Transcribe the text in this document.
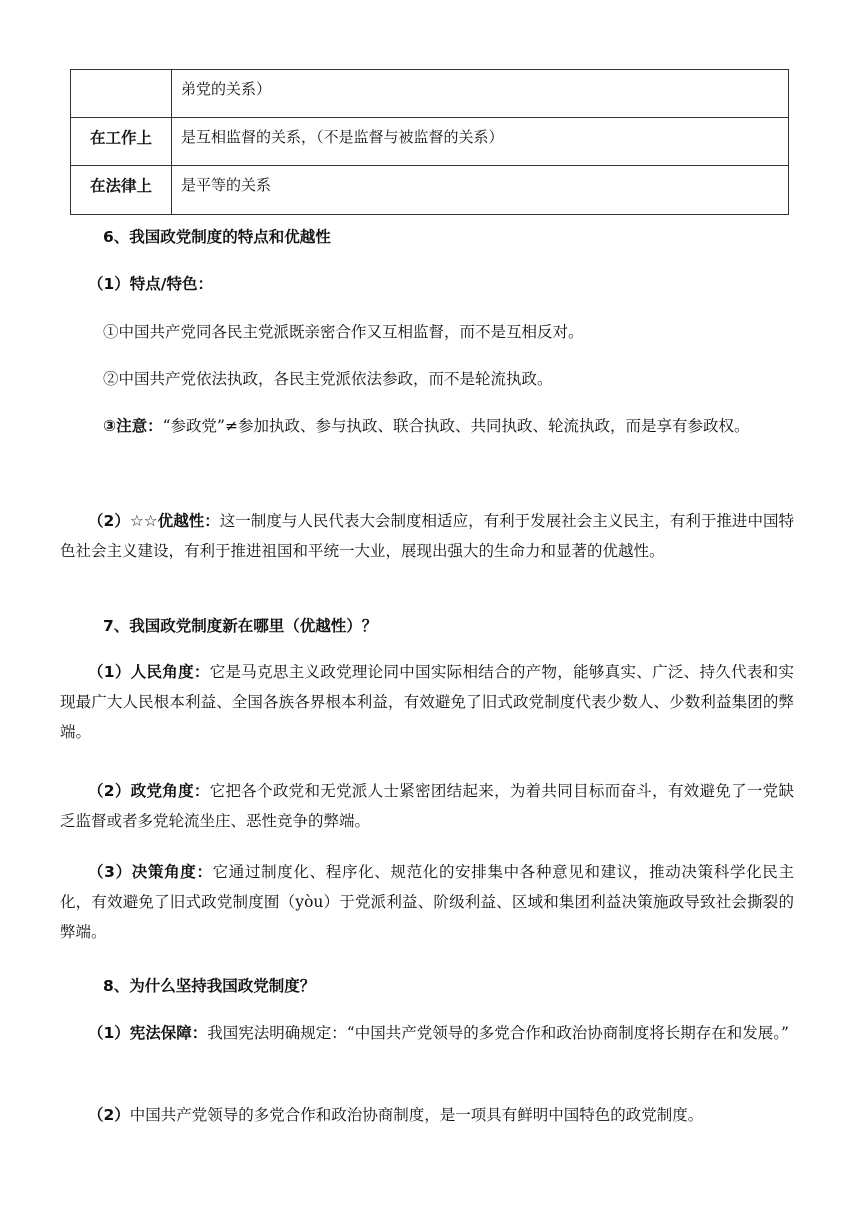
	弟党的关系）
在工作上	是互相监督的关系，（不是监督与被监督的关系）
在法律上	是平等的关系

6、我国政党制度的特点和优越性

（1）特点/特色：

①中国共产党同各民主党派既亲密合作又互相监督，而不是互相反对。

②中国共产党依法执政，各民主党派依法参政，而不是轮流执政。

③注意：“参政党”≠参加执政、参与执政、联合执政、共同执政、轮流执政，而是享有参政权。

（2）☆☆优越性：这一制度与人民代表大会制度相适应，有利于发展社会主义民主，有利于推进中国特色社会主义建设，有利于推进祖国和平统一大业，展现出强大的生命力和显著的优越性。

7、我国政党制度新在哪里（优越性）？

（1）人民角度：它是马克思主义政党理论同中国实际相结合的产物，能够真实、广泛、持久代表和实现最广大人民根本利益、全国各族各界根本利益，有效避免了旧式政党制度代表少数人、少数利益集团的弊端。

（2）政党角度：它把各个政党和无党派人士紧密团结起来，为着共同目标而奋斗，有效避免了一党缺乏监督或者多党轮流坐庄、恶性竞争的弊端。

（3）决策角度：它通过制度化、程序化、规范化的安排集中各种意见和建议，推动决策科学化民主化，有效避免了旧式政党制度囿（yòu）于党派利益、阶级利益、区域和集团利益决策施政导致社会撕裂的弊端。

8、为什么坚持我国政党制度？

（1）宪法保障：我国宪法明确规定：“中国共产党领导的多党合作和政治协商制度将长期存在和发展。”

（2）中国共产党领导的多党合作和政治协商制度，是一项具有鲜明中国特色的政党制度。
